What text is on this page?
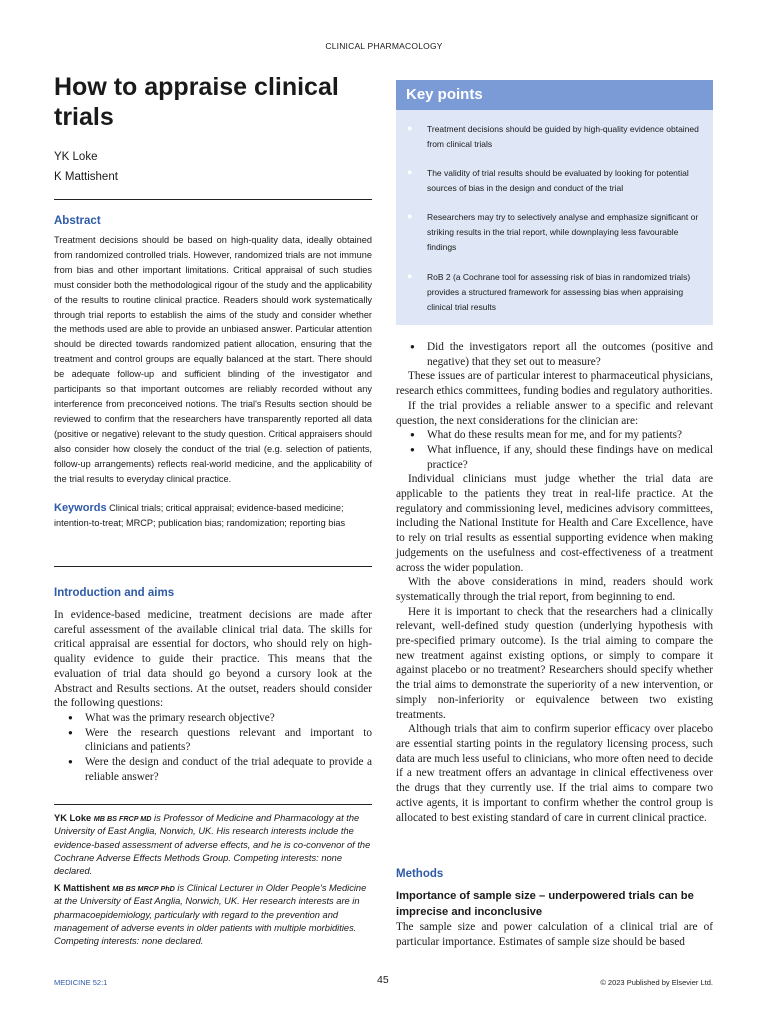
CLINICAL PHARMACOLOGY
How to appraise clinical trials
YK Loke
K Mattishent
Abstract

Treatment decisions should be based on high-quality data, ideally obtained from randomized controlled trials. However, randomized trials are not immune from bias and other important limitations. Critical appraisal of such studies must consider both the methodological rigour of the study and the applicability of the results to routine clinical practice. Readers should work systematically through trial reports to establish the aims of the study and consider whether the methods used are able to provide an unbiased answer. Particular attention should be directed towards randomized patient allocation, ensuring that the treatment and control groups are equally balanced at the start. There should be adequate follow-up and sufficient blinding of the investigator and participants so that important outcomes are reliably recorded without any interference from preconceived notions. The trial's Results section should be reviewed to confirm that the researchers have transparently reported all data (positive or negative) relevant to the study question. Critical appraisers should also consider how closely the conduct of the trial (e.g. selection of patients, follow-up arrangements) reflects real-world medicine, and the applicability of the trial results to everyday clinical practice.

Keywords Clinical trials; critical appraisal; evidence-based medicine; intention-to-treat; MRCP; publication bias; randomization; reporting bias

Introduction and aims

In evidence-based medicine, treatment decisions are made after careful assessment of the available clinical trial data. The skills for critical appraisal are essential for doctors, who should rely on high-quality evidence to guide their practice. This means that the evaluation of trial data should go beyond a cursory look at the Abstract and Results sections. At the outset, readers should consider the following questions:

● What was the primary research objective?
● Were the research questions relevant and important to clinicians and patients?
● Were the design and conduct of the trial adequate to provide a reliable answer?

YK Loke MB BS FRCP MD is Professor of Medicine and Pharmacology at the University of East Anglia, Norwich, UK. His research interests include the evidence-based assessment of adverse effects, and he is co-convenor of the Cochrane Adverse Effects Methods Group. Competing interests: none declared.

K Mattishent MB BS MRCP PhD is Clinical Lecturer in Older People's Medicine at the University of East Anglia, Norwich, UK. Her research interests are in pharmacoepidemiology, particularly with regard to the prevention and management of adverse events in older patients with multiple morbidities. Competing interests: none declared.

Key points
● Treatment decisions should be guided by high-quality evidence obtained from clinical trials

● The validity of trial results should be evaluated by looking for potential sources of bias in the design and conduct of the trial

● Researchers may try to selectively analyse and emphasize significant or striking results in the trial report, while downplaying less favourable findings

● RoB 2 (a Cochrane tool for assessing risk of bias in randomized trials) provides a structured framework for assessing bias when appraising clinical trial results

● Did the investigators report all the outcomes (positive and negative) that they set out to measure?

These issues are of particular interest to pharmaceutical physicians, research ethics committees, funding bodies and regulatory authorities.

If the trial provides a reliable answer to a specific and relevant question, the next considerations for the clinician are:

● What do these results mean for me, and for my patients?
● What influence, if any, should these findings have on medical practice?

Individual clinicians must judge whether the trial data are applicable to the patients they treat in real-life practice. At the regulatory and commissioning level, medicines advisory committees, including the National Institute for Health and Care Excellence, have to rely on trial results as essential supporting evidence when making judgements on the usefulness and cost-effectiveness of a treatment across the wider population.

With the above considerations in mind, readers should work systematically through the trial report, from beginning to end.

Here it is important to check that the researchers had a clinically relevant, well-defined study question (underlying hypothesis with pre-specified primary outcome). Is the trial aiming to compare the new treatment against existing options, or simply to compare it against placebo or no treatment? Researchers should specify whether the trial aims to demonstrate the superiority of a new intervention, or simply non-inferiority or equivalence between two existing treatments.

Although trials that aim to confirm superior efficacy over placebo are essential starting points in the regulatory licensing process, such data are much less useful to clinicians, who more often need to decide if a new treatment offers an advantage in clinical effectiveness over the drugs that they currently use. If the trial aims to compare two active agents, it is important to confirm whether the control group is allocated to best existing standard of care in current clinical practice.

Methods
Importance of sample size – underpowered trials can be imprecise and inconclusive

The sample size and power calculation of a clinical trial are of particular importance. Estimates of sample size should be based

MEDICINE 52:1	45	© 2023 Published by Elsevier Ltd.
